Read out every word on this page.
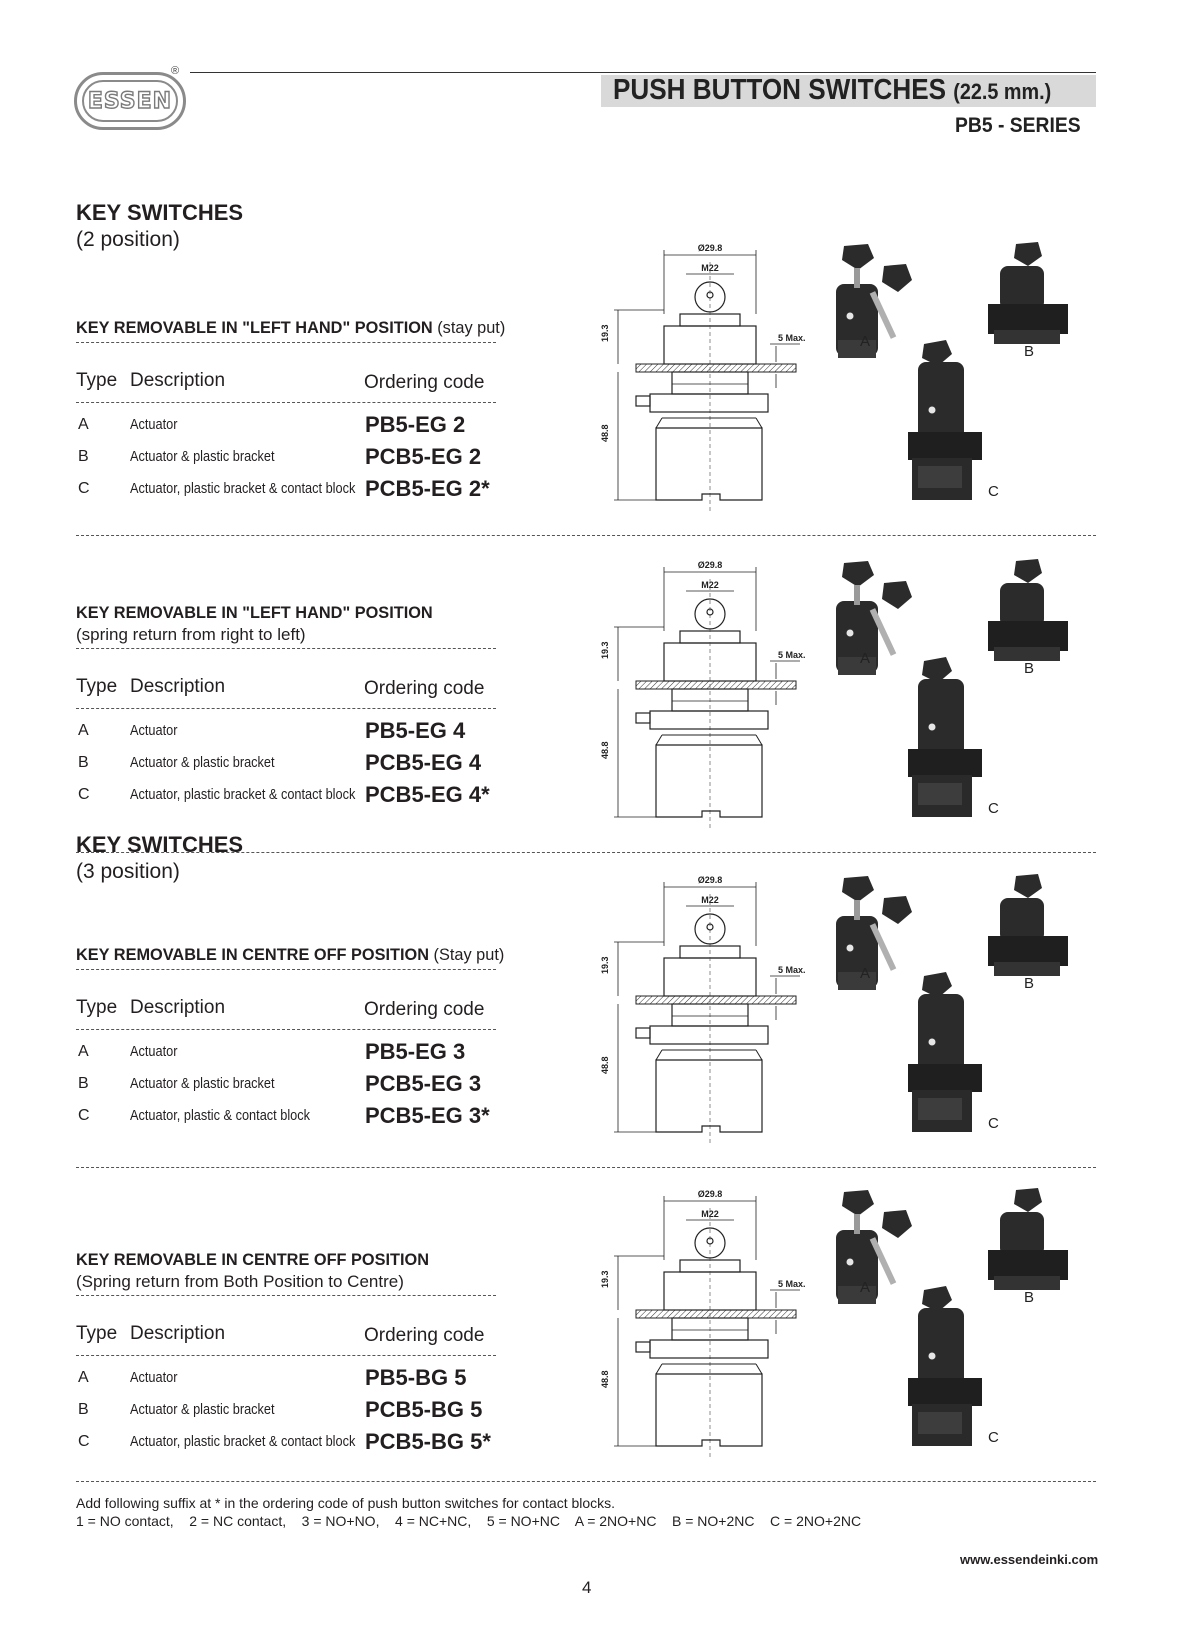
ESSEN
®
PUSH BUTTON SWITCHES (22.5 mm.)
PB5 - SERIES
KEY SWITCHES
(2 position)
KEY REMOVABLE IN "LEFT HAND" POSITION (stay put)
Type Description	Ordering code
A	Actuator	PB5-EG 2
B	Actuator & plastic bracket	PCB5-EG 2
C	Actuator, plastic bracket & contact block PCB5-EG 2*
Ø29.8
M22
19.3
48.8
5 Max.	A
B
C
KEY REMOVABLE IN "LEFT HAND" POSITION
(spring return from right to left)
Type Description	Ordering code
A	Actuator	PB5-EG 4
B	Actuator & plastic bracket	PCB5-EG 4
C	Actuator, plastic bracket & contact block PCB5-EG 4*
Ø29.8
M22
19.3
48.8
5 Max.	A
B
C
KEY SWITCHES
(3 position)
KEY REMOVABLE IN CENTRE OFF POSITION (Stay put)
Type Description	Ordering code
A	Actuator	PB5-EG 3
B	Actuator & plastic bracket	PCB5-EG 3
C	Actuator, plastic & contact block PCB5-EG 3*
Ø29.8
M22
19.3
48.8
5 Max.	A
B
C
KEY REMOVABLE IN CENTRE OFF POSITION
(Spring return from Both Position to Centre)
Type Description	Ordering code
A	Actuator	PB5-BG 5
B	Actuator & plastic bracket	PCB5-BG 5
C	Actuator, plastic bracket & contact block PCB5-BG 5*
Ø29.8
M22
19.3
48.8
5 Max.	A
B
C
Add following suffix at * in the ordering code of push button switches for contact blocks.
1 = NO contact,    2 = NC contact,    3 = NO+NO,    4 = NC+NC,    5 = NO+NC    A = 2NO+NC    B = NO+2NC    C = 2NO+2NC
www.essendeinki.com
4
